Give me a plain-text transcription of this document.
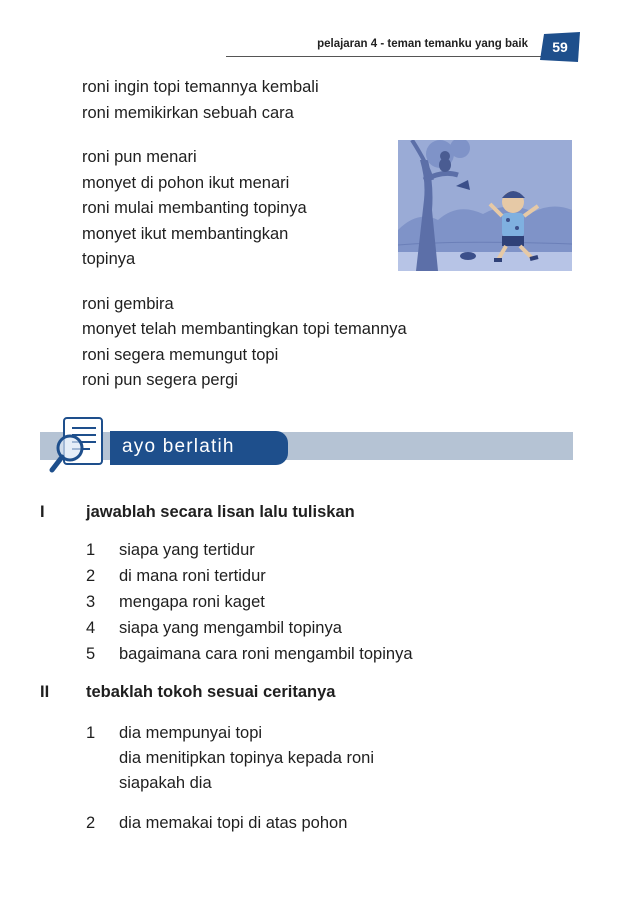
pelajaran 4 - teman temanku yang baik	59
roni ingin topi temannya kembali
roni memikirkan sebuah cara
roni pun menari
monyet di pohon ikut menari
roni mulai membanting topinya
monyet ikut membantingkan
topinya
roni gembira
monyet telah membantingkan topi temannya
roni segera memungut topi
roni pun segera pergi
ayo berlatih
I	jawablah secara lisan lalu tuliskan
1 siapa yang tertidur
2 di mana roni tertidur
3 mengapa roni kaget
4 siapa yang mengambil topinya
5 bagaimana cara roni mengambil topinya
II tebaklah tokoh sesuai ceritanya
1 dia mempunyai topi
dia menitipkan topinya kepada roni
siapakah dia
2 dia memakai topi di atas pohon
